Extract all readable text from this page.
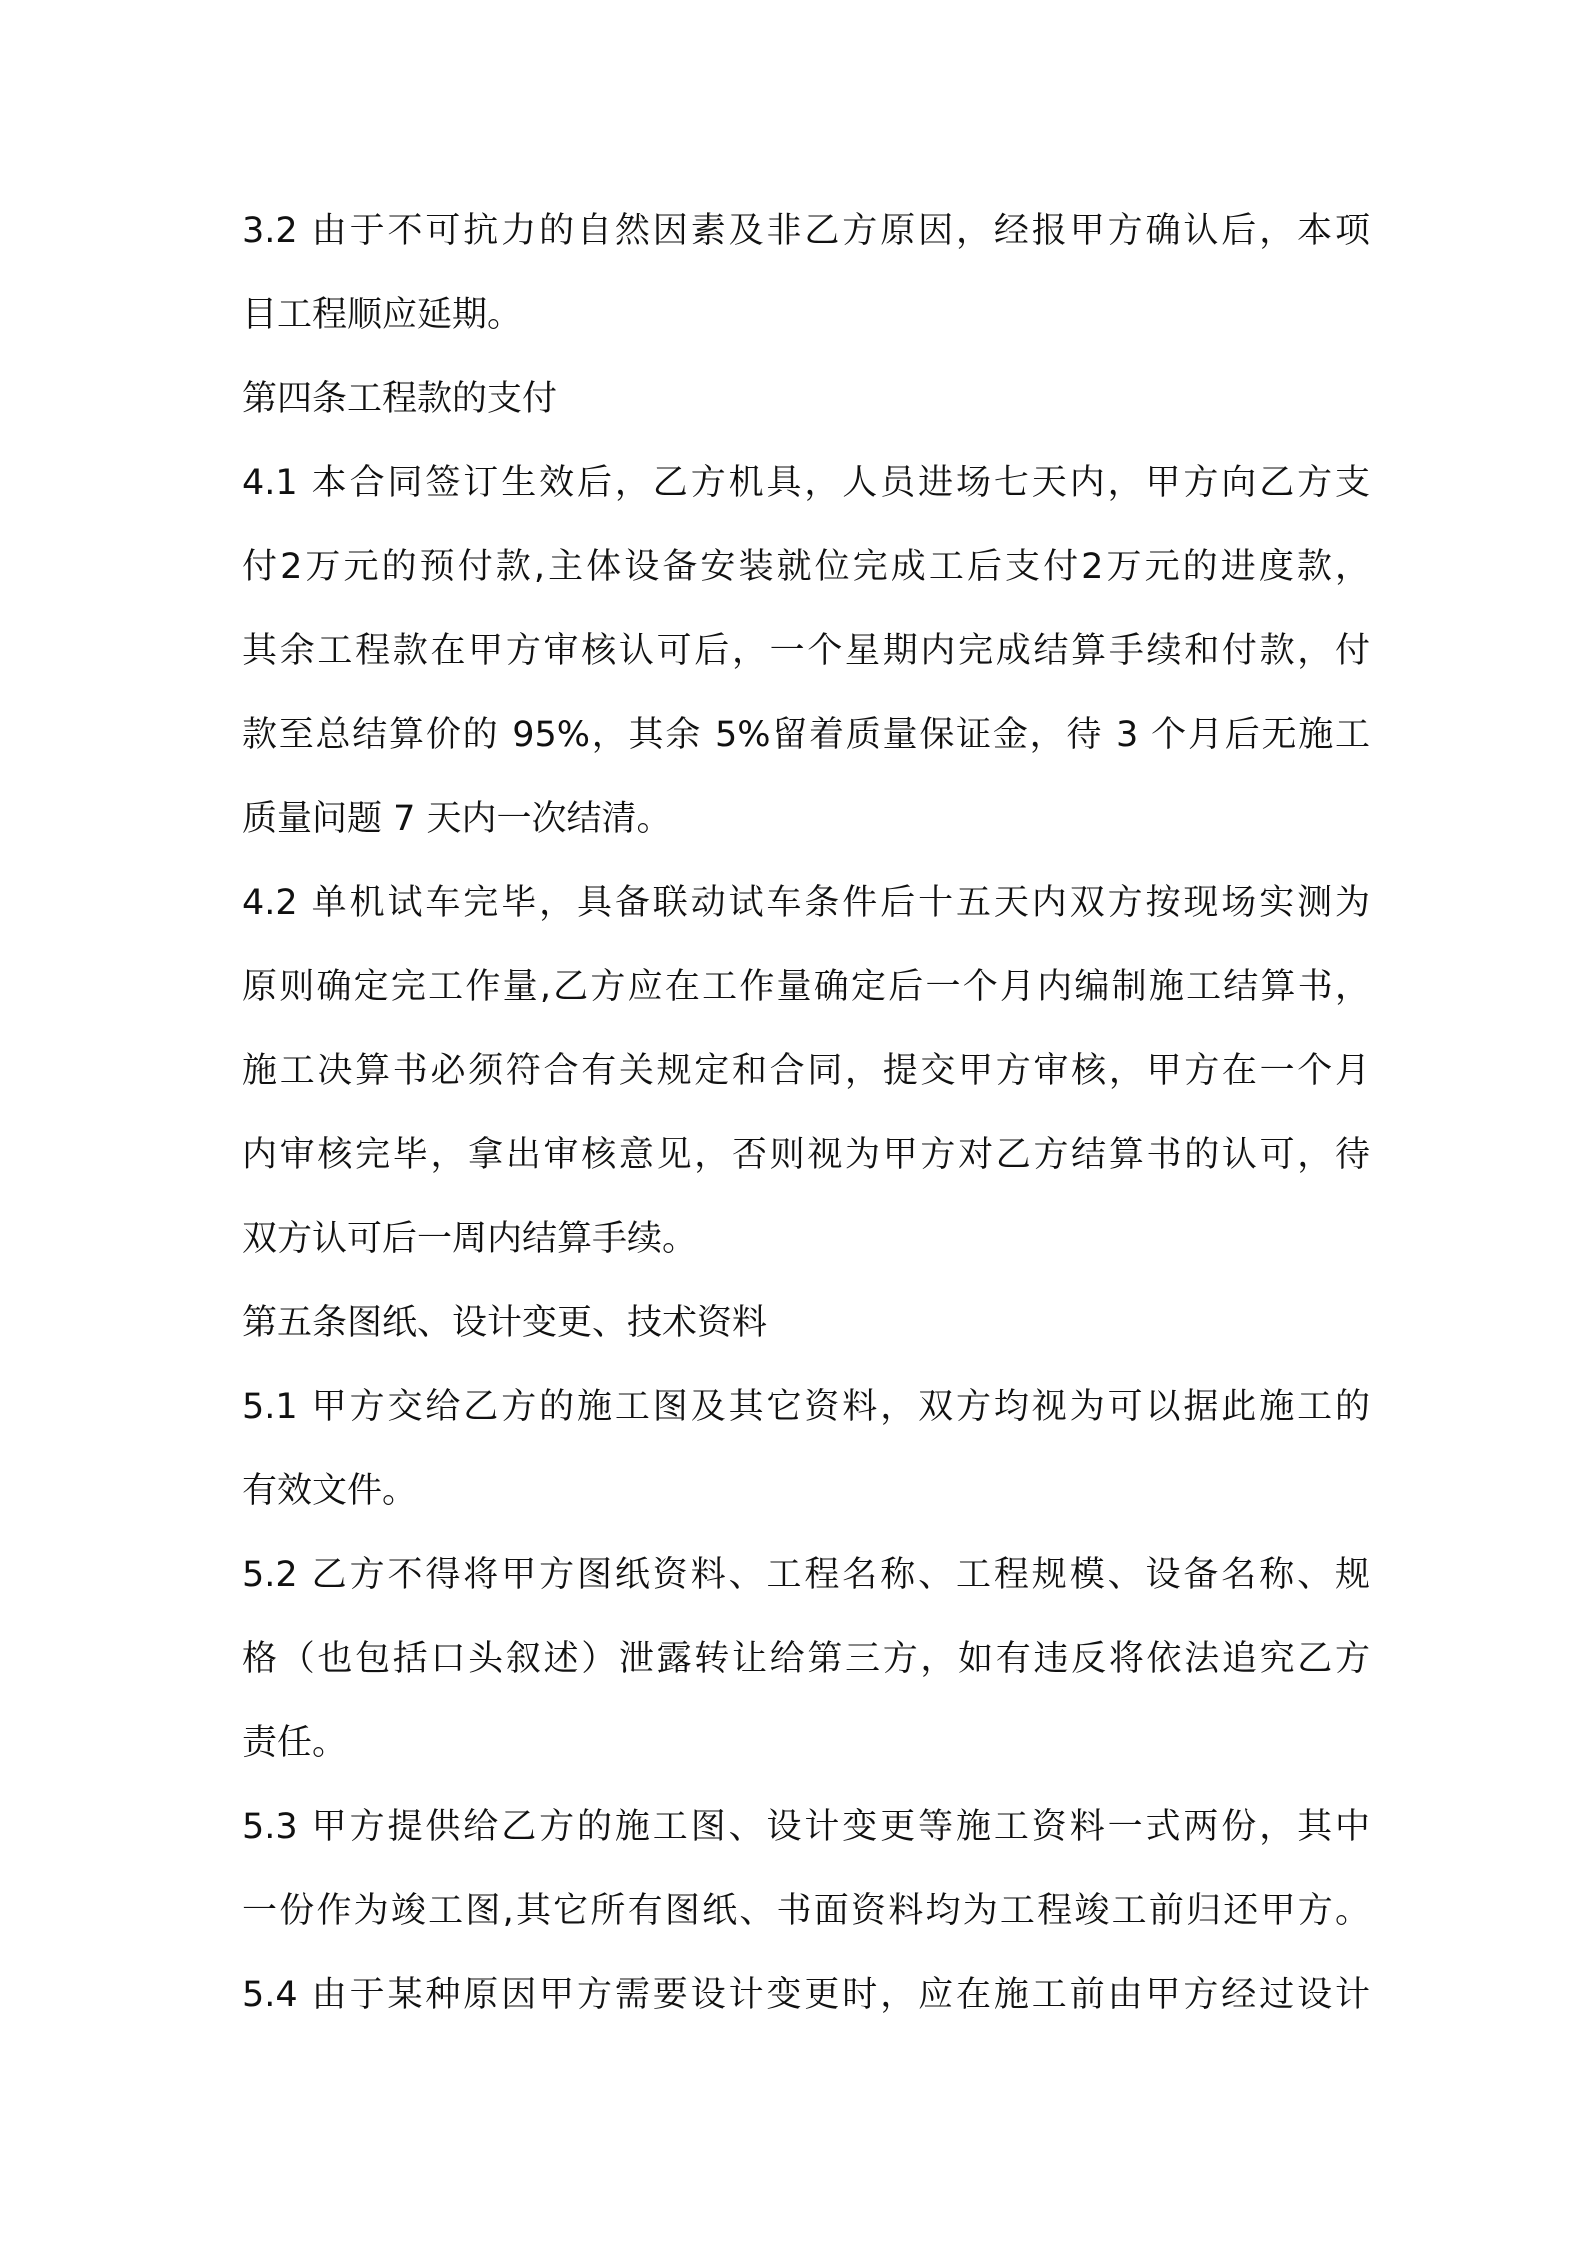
3.2 由于不可抗力的自然因素及非乙方原因，经报甲方确认后，本项
目工程顺应延期。
第四条工程款的支付
4.1 本合同签订生效后，乙方机具，人员进场七天内，甲方向乙方支
付2万元的预付款,主体设备安装就位完成工后支付2万元的进度款，
其余工程款在甲方审核认可后，一个星期内完成结算手续和付款，付
款至总结算价的 95%，其余 5%留着质量保证金，待 3 个月后无施工
质量问题 7 天内一次结清。
4.2 单机试车完毕，具备联动试车条件后十五天内双方按现场实测为
原则确定完工作量,乙方应在工作量确定后一个月内编制施工结算书，
施工决算书必须符合有关规定和合同，提交甲方审核，甲方在一个月
内审核完毕，拿出审核意见，否则视为甲方对乙方结算书的认可，待
双方认可后一周内结算手续。
第五条图纸、设计变更、技术资料
5.1 甲方交给乙方的施工图及其它资料，双方均视为可以据此施工的
有效文件。
5.2 乙方不得将甲方图纸资料、工程名称、工程规模、设备名称、规
格（也包括口头叙述）泄露转让给第三方，如有违反将依法追究乙方
责任。
5.3 甲方提供给乙方的施工图、设计变更等施工资料一式两份，其中
一份作为竣工图,其它所有图纸、书面资料均为工程竣工前归还甲方。
5.4 由于某种原因甲方需要设计变更时，应在施工前由甲方经过设计
